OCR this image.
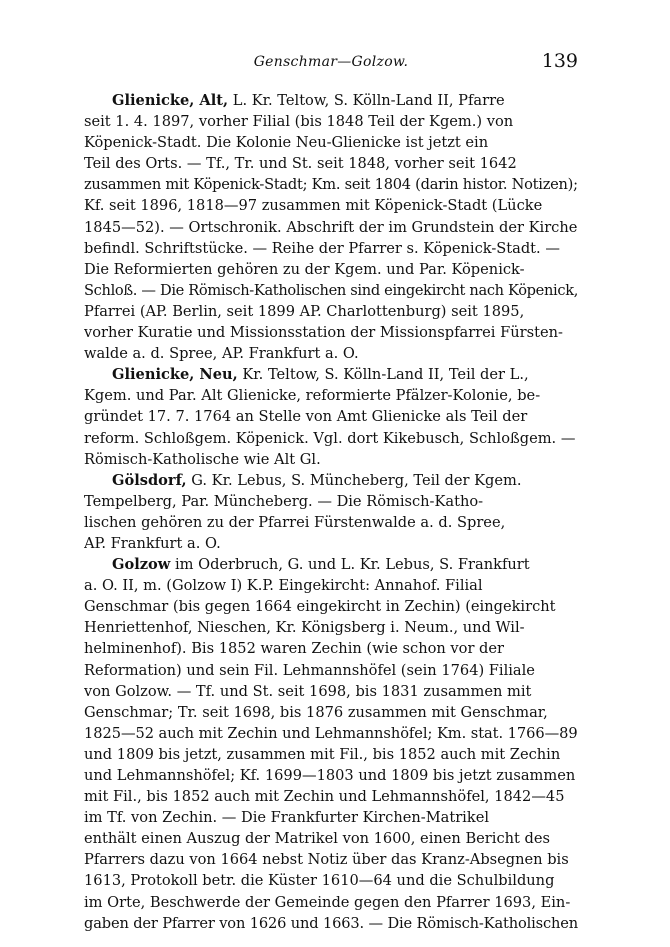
Genschmar—Golzow.	139

Glienicke, Alt, L. Kr. Teltow, S. Kölln-Land II, Pfarre
seit 1. 4. 1897, vorher Filial (bis 1848 Teil der Kgem.) von
Köpenick-Stadt. Die Kolonie Neu-Glienicke ist jetzt ein
Teil des Orts. — Tf., Tr. und St. seit 1848, vorher seit 1642
zusammen mit Köpenick-Stadt; Km. seit 1804 (darin histor. Notizen);
Kf. seit 1896, 1818—97 zusammen mit Köpenick-Stadt (Lücke
1845—52). — Ortschronik. Abschrift der im Grundstein der Kirche
befindl. Schriftstücke. — Reihe der Pfarrer s. Köpenick-Stadt. —
Die Reformierten gehören zu der Kgem. und Par. Köpenick-
Schloß. — Die Römisch-Katholischen sind eingekircht nach Köpenick,
Pfarrei (AP. Berlin, seit 1899 AP. Charlottenburg) seit 1895,
vorher Kuratie und Missionsstation der Missionspfarrei Fürsten-
walde a. d. Spree, AP. Frankfurt a. O.

Glienicke, Neu, Kr. Teltow, S. Kölln-Land II, Teil der L.,
Kgem. und Par. Alt Glienicke, reformierte Pfälzer-Kolonie, be-
gründet 17. 7. 1764 an Stelle von Amt Glienicke als Teil der
reform. Schloßgem. Köpenick. Vgl. dort Kikebusch, Schloßgem. —
Römisch-Katholische wie Alt Gl.

Gölsdorf, G. Kr. Lebus, S. Müncheberg, Teil der Kgem.
Tempelberg, Par. Müncheberg. — Die Römisch-Katho-
lischen gehören zu der Pfarrei Fürstenwalde a. d. Spree,
AP. Frankfurt a. O.

Golzow im Oderbruch, G. und L. Kr. Lebus, S. Frankfurt
a. O. II, m. (Golzow I) K.P. Eingekircht: Annahof. Filial
Genschmar (bis gegen 1664 eingekircht in Zechin) (eingekircht
Henriettenhof, Nieschen, Kr. Königsberg i. Neum., und Wil-
helminenhof). Bis 1852 waren Zechin (wie schon vor der
Reformation) und sein Fil. Lehmannshöfel (sein 1764) Filiale
von Golzow. — Tf. und St. seit 1698, bis 1831 zusammen mit
Genschmar; Tr. seit 1698, bis 1876 zusammen mit Genschmar,
1825—52 auch mit Zechin und Lehmannshöfel; Km. stat. 1766—89
und 1809 bis jetzt, zusammen mit Fil., bis 1852 auch mit Zechin
und Lehmannshöfel; Kf. 1699—1803 und 1809 bis jetzt zusammen
mit Fil., bis 1852 auch mit Zechin und Lehmannshöfel, 1842—45
im Tf. von Zechin. — Die Frankfurter Kirchen-Matrikel
enthält einen Auszug der Matrikel von 1600, einen Bericht des
Pfarrers dazu von 1664 nebst Notiz über das Kranz-Absegnen bis
1613, Protokoll betr. die Küster 1610—64 und die Schulbildung
im Orte, Beschwerde der Gemeinde gegen den Pfarrer 1693, Ein-
gaben der Pfarrer von 1626 und 1663. — Die Römisch-Katholischen
